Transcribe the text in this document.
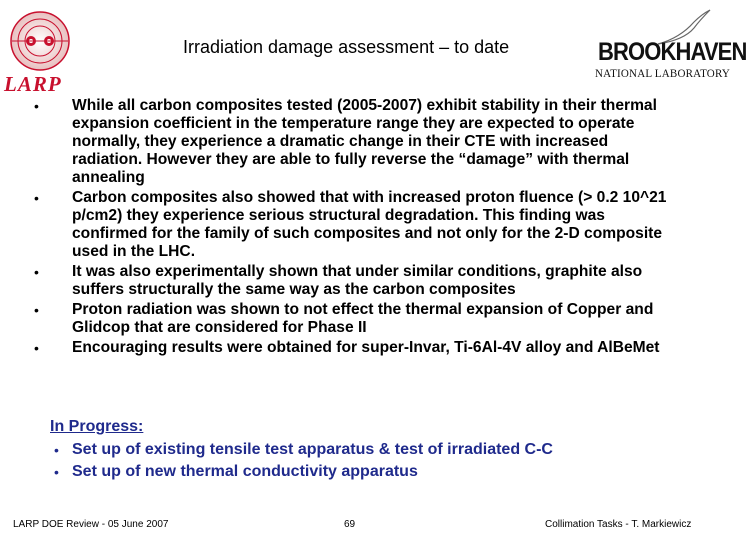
LARP
Irradiation damage assessment – to date	BROOKHAVEN
NATIONAL LABORATORY
• While all carbon composites tested (2005-2007) exhibit stability in their thermal expansion coefficient in the temperature range they are expected to operate normally, they experience a dramatic change in their CTE with increased radiation. However they are able to fully reverse the “damage” with thermal annealing
• Carbon composites also showed that with increased proton fluence (> 0.2 10^21 p/cm2) they experience serious structural degradation. This finding was confirmed for the family of such composites and not only for the 2-D composite used in the LHC.
• It was also experimentally shown that under similar conditions, graphite also suffers structurally the same way as the carbon composites
• Proton radiation was shown to not effect the thermal expansion of Copper and Glidcop that are considered for Phase II
• Encouraging results were obtained for super-Invar, Ti-6Al-4V alloy and AlBeMet
In Progress:
• Set up of existing tensile test apparatus & test of irradiated C-C
• Set up of new thermal conductivity apparatus
LARP DOE Review - 05 June 2007	69	Collimation Tasks - T. Markiewicz
